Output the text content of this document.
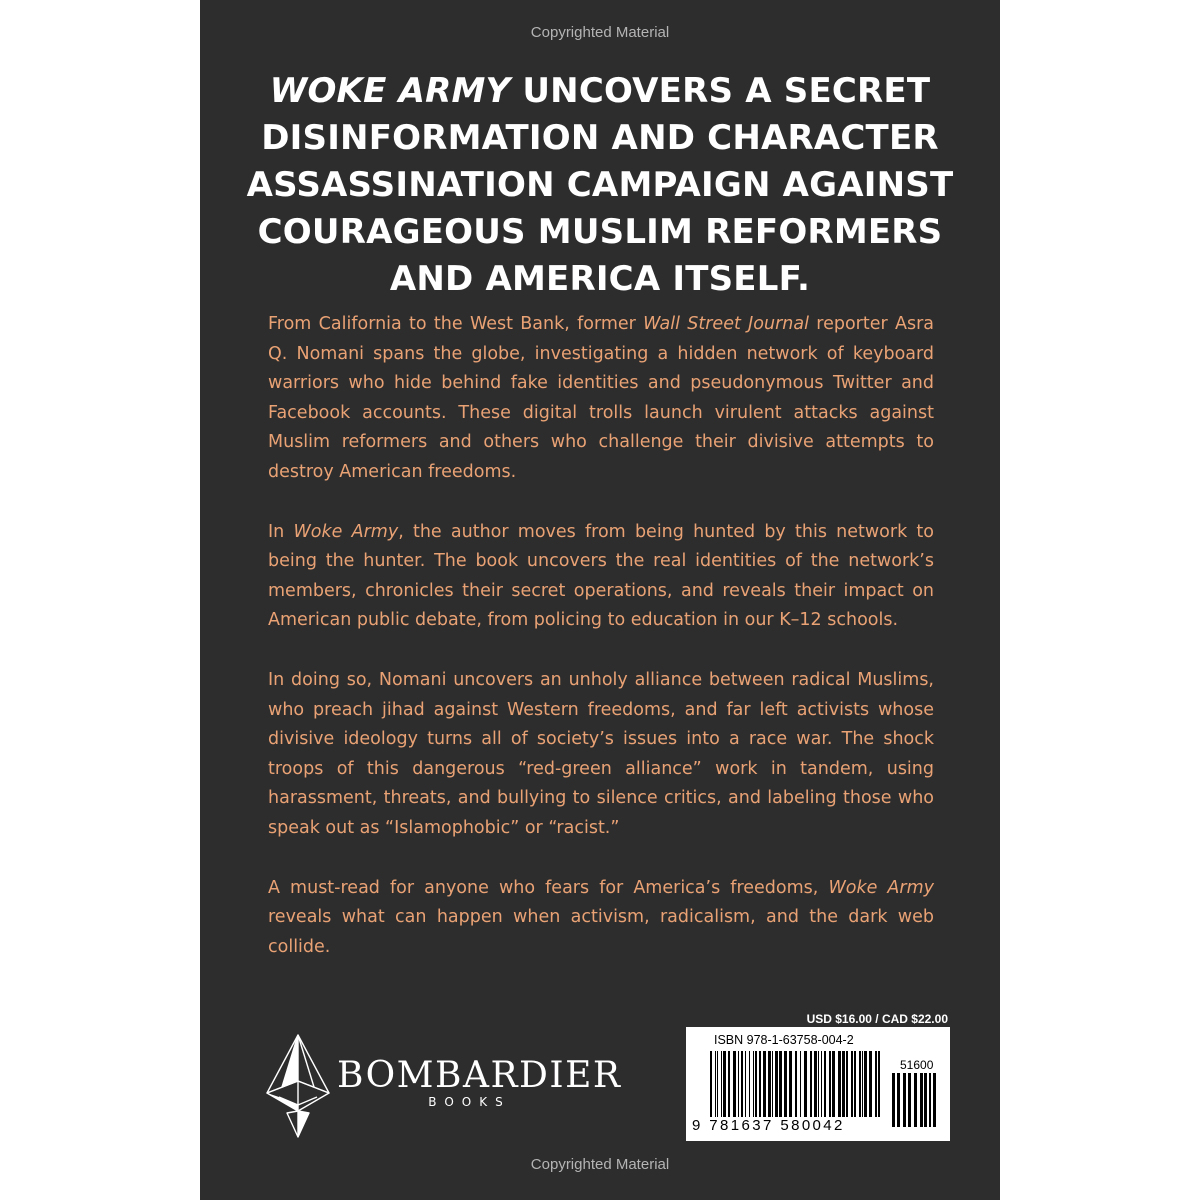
Copyrighted Material
WOKE ARMY UNCOVERS A SECRET DISINFORMATION AND CHARACTER ASSASSINATION CAMPAIGN AGAINST COURAGEOUS MUSLIM REFORMERS AND AMERICA ITSELF.

From California to the West Bank, former Wall Street Journal reporter Asra Q. Nomani spans the globe, investigating a hidden network of keyboard warriors who hide behind fake identities and pseudonymous Twitter and Facebook accounts. These digital trolls launch virulent attacks against Muslim reformers and others who challenge their divisive attempts to destroy American freedoms.

In Woke Army, the author moves from being hunted by this network to being the hunter. The book uncovers the real identities of the network’s members, chronicles their secret operations, and reveals their impact on American public debate, from policing to education in our K–12 schools.

In doing so, Nomani uncovers an unholy alliance between radical Muslims, who preach jihad against Western freedoms, and far left activists whose divisive ideology turns all of society’s issues into a race war. The shock troops of this dangerous “red-green alliance” work in tandem, using harassment, threats, and bullying to silence critics, and labeling those who speak out as “Islamophobic” or “racist.”

A must-read for anyone who fears for America’s freedoms, Woke Army reveals what can happen when activism, radicalism, and the dark web collide.

BOMBARDIER
BOOKS
USD $16.00 / CAD $22.00
ISBN 978-1-63758-004-2
51600
9 781637 580042
Copyrighted Material
